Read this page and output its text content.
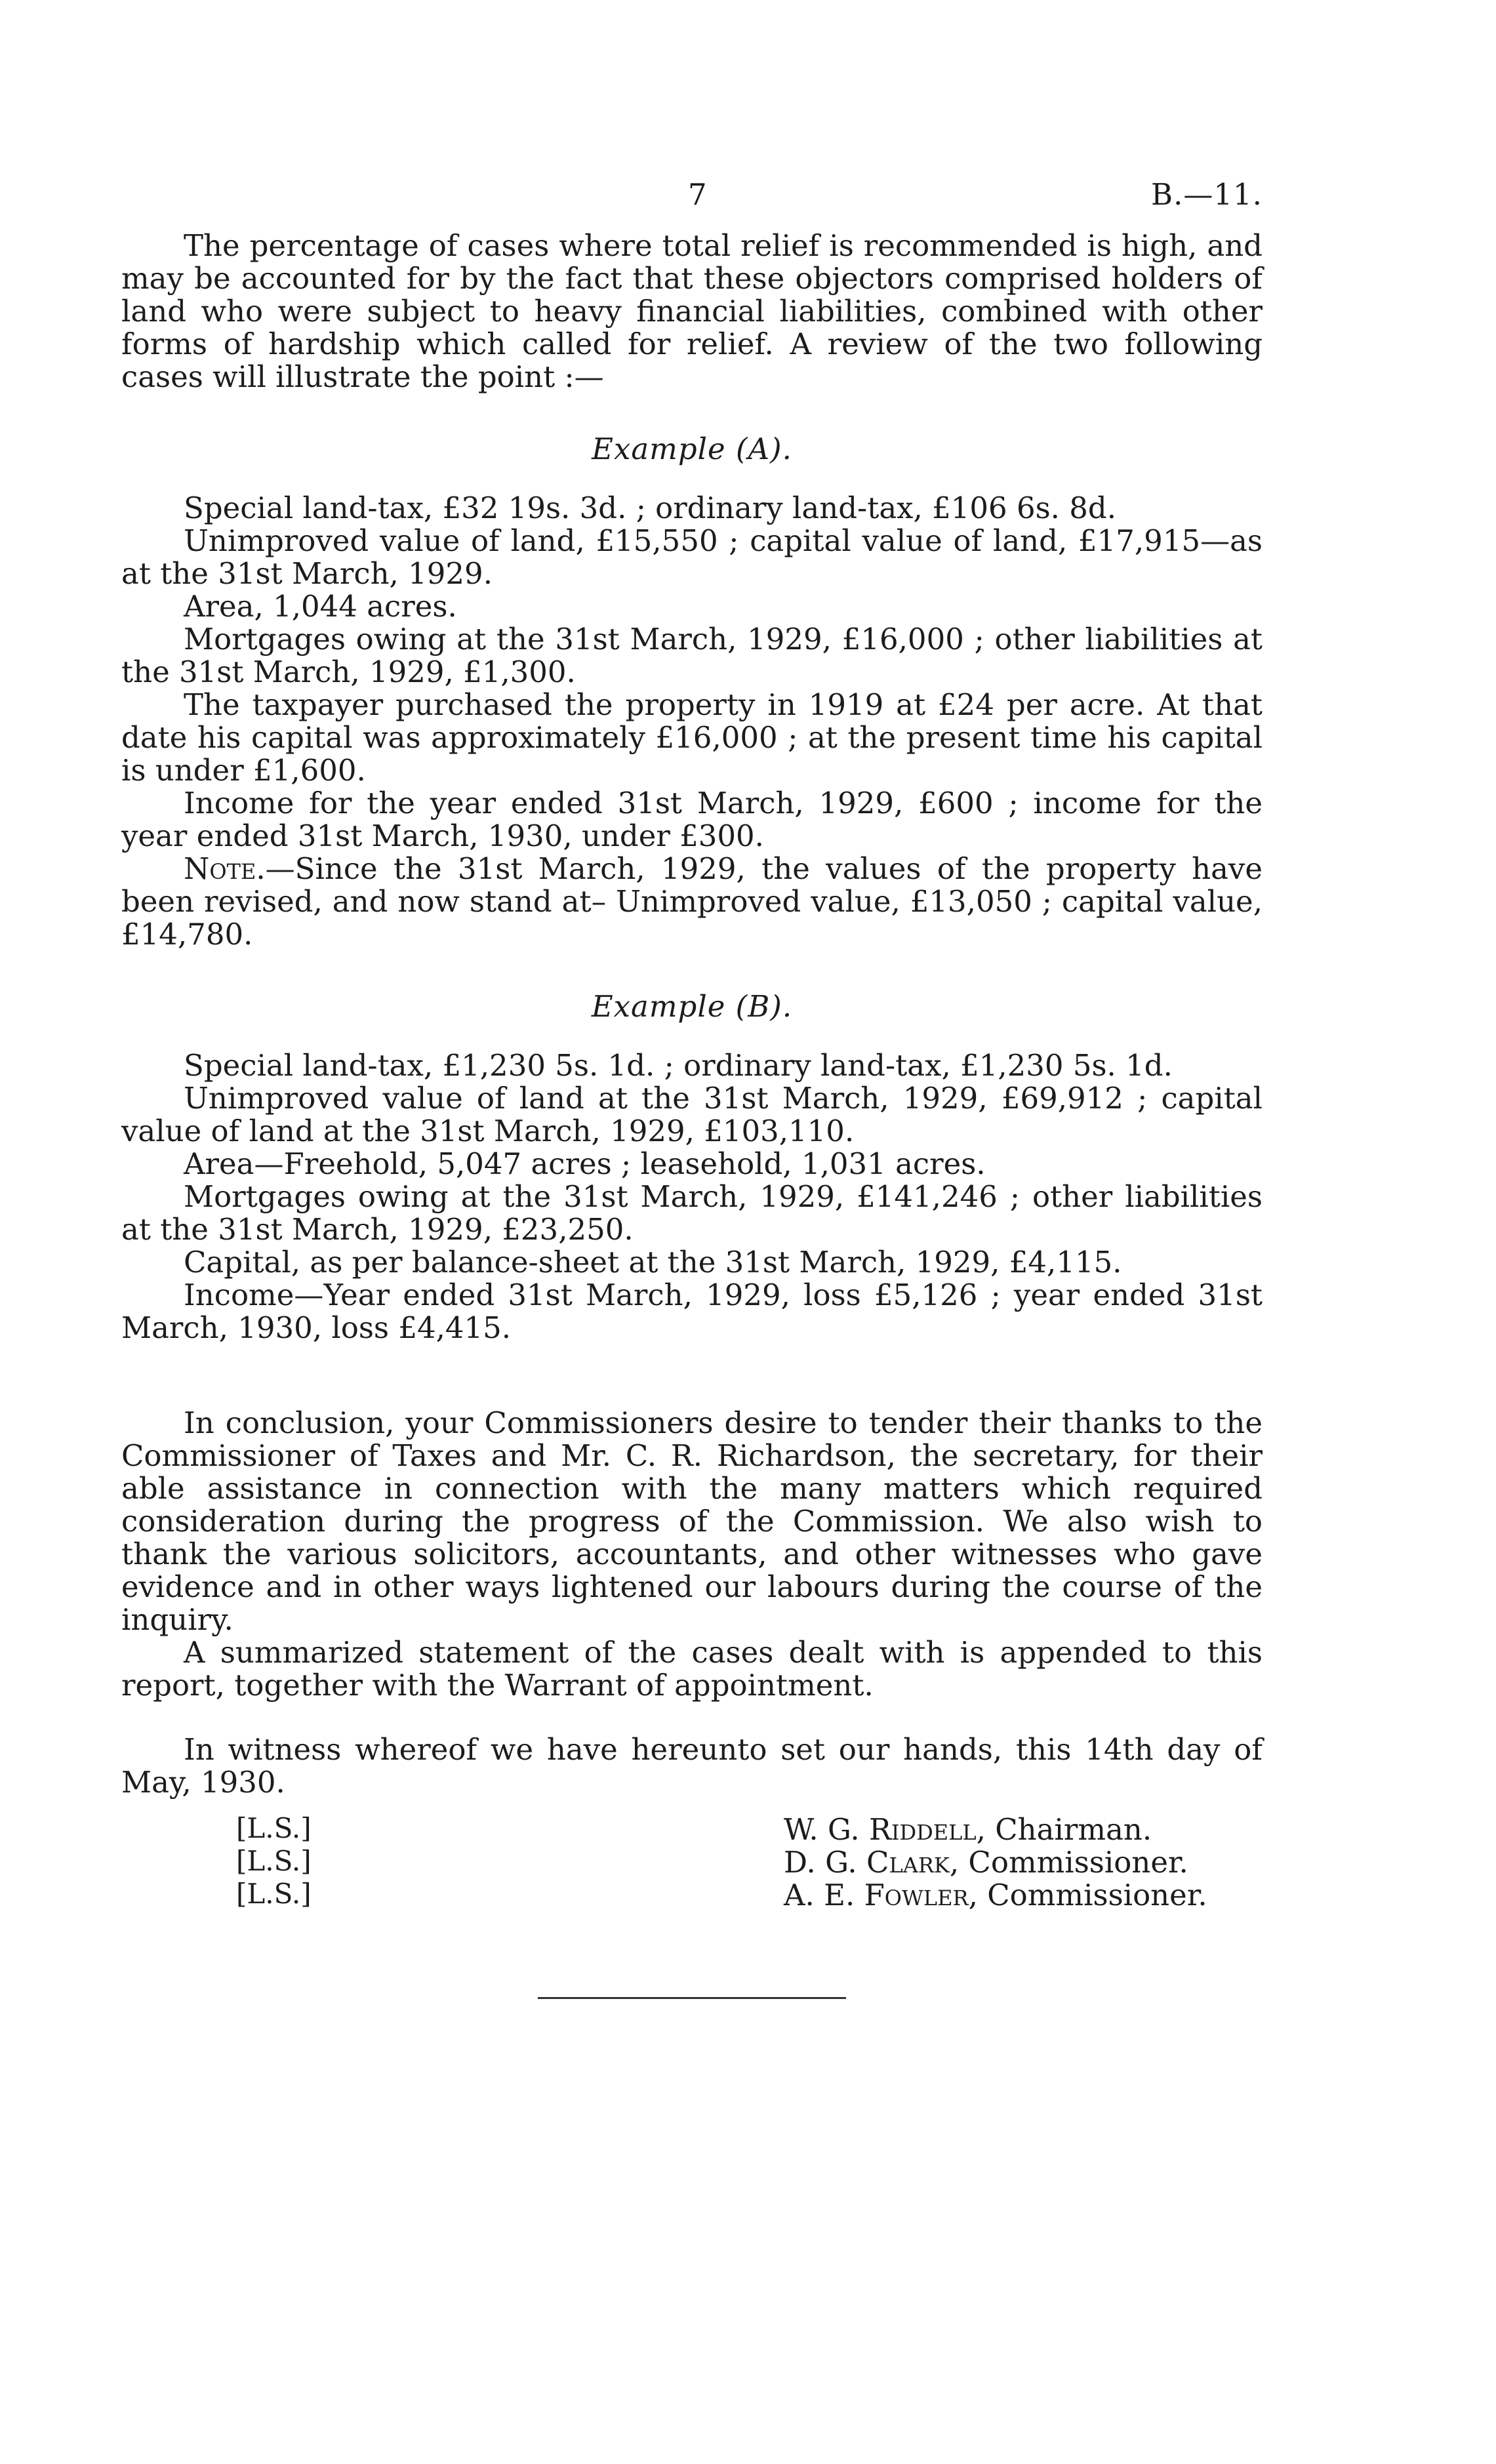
7	B.—11.

The percentage of cases where total relief is recommended is high, and may be accounted for by the fact that these objectors comprised holders of land who were subject to heavy financial liabilities, combined with other forms of hardship which called for relief. A review of the two following cases will illustrate the point :—

Example (A).

Special land-tax, £32 19s. 3d. ; ordinary land-tax, £106 6s. 8d.

Unimproved value of land, £15,550 ; capital value of land, £17,915—as at the 31st March, 1929.

Area, 1,044 acres.

Mortgages owing at the 31st March, 1929, £16,000 ; other liabilities at the 31st March, 1929, £1,300.

The taxpayer purchased the property in 1919 at £24 per acre. At that date his capital was approximately £16,000 ; at the present time his capital is under £1,600.

Income for the year ended 31st March, 1929, £600 ; income for the year ended 31st March, 1930, under £300.

Note.—Since the 31st March, 1929, the values of the property have been revised, and now stand at– Unimproved value, £13,050 ; capital value, £14,780.

Example (B).

Special land-tax, £1,230 5s. 1d. ; ordinary land-tax, £1,230 5s. 1d.

Unimproved value of land at the 31st March, 1929, £69,912 ; capital value of land at the 31st March, 1929, £103,110.

Area—Freehold, 5,047 acres ; leasehold, 1,031 acres.

Mortgages owing at the 31st March, 1929, £141,246 ; other liabilities at the 31st March, 1929, £23,250.

Capital, as per balance-sheet at the 31st March, 1929, £4,115.

Income—Year ended 31st March, 1929, loss £5,126 ; year ended 31st March, 1930, loss £4,415.

In conclusion, your Commissioners desire to tender their thanks to the Commissioner of Taxes and Mr. C. R. Richardson, the secretary, for their able assistance in connection with the many matters which required consideration during the progress of the Commission. We also wish to thank the various solicitors, accountants, and other witnesses who gave evidence and in other ways lightened our labours during the course of the inquiry.

A summarized statement of the cases dealt with is appended to this report, together with the Warrant of appointment.

In witness whereof we have hereunto set our hands, this 14th day of May, 1930.

[L.S.]	W. G. Riddell, Chairman.
[L.S.]	D. G. Clark, Commissioner.
[L.S.]	A. E. Fowler, Commissioner.
